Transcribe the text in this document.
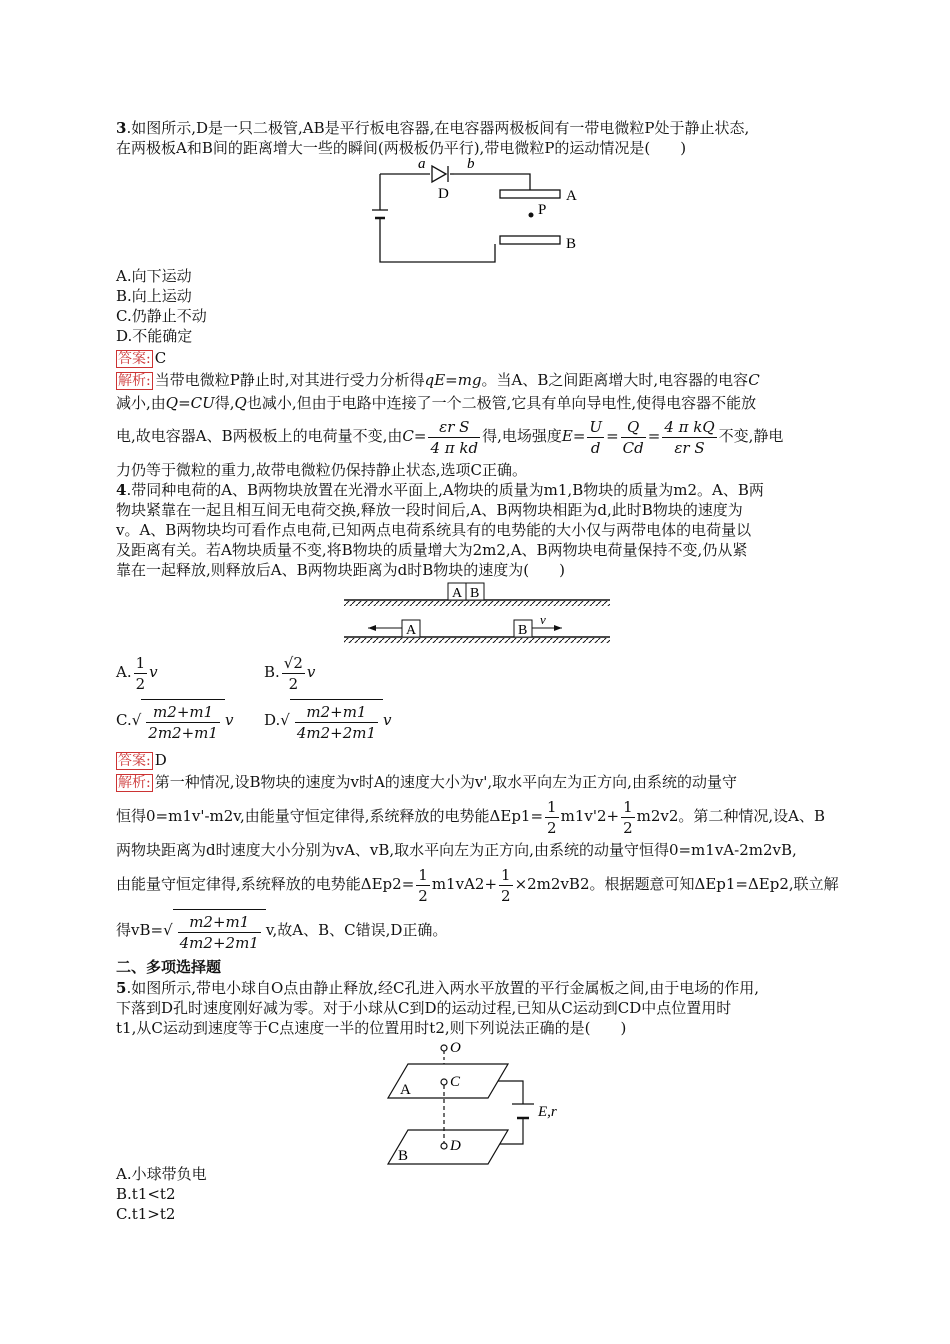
3.如图所示,D是一只二极管,AB是平行板电容器,在电容器两极板间有一带电微粒P处于静止状态,
在两极板A和B间的距离增大一些的瞬间(两极板仍平行),带电微粒P的运动情况是(　　)
a	b
D	A
P
B
A.向下运动
B.向上运动
C.仍静止不动
D.不能确定
答案: C
解析: 当带电微粒P静止时,对其进行受力分析得qE=mg。当A、B之间距离增大时,电容器的电容C
减小,由Q=CU得,Q也减小,但由于电路中连接了一个二极管,它具有单向导电性,使得电容器不能放
电,故电容器A、B两极板上的电荷量不变,由$C= \frac{\text{εr S}}{\text{4 π kd}}$ 得,电场强度$E= \frac{U}{d} = \frac{Q}{Cd} = \frac{\text{4 π kQ}}{\text{εr S}}$ 不变,静电
力仍等于微粒的重力,故带电微粒仍保持静止状态,选项C正确。
4.带同种电荷的A、B两物块放置在光滑水平面上,A物块的质量为m1,B物块的质量为m2。A、B两
物块紧靠在一起且相互间无电荷交换,释放一段时间后,A、B两物块相距为d,此时B物块的速度为
v。A、B两物块均可看作点电荷,已知两点电荷系统具有的电势能的大小仅与两带电体的电荷量以
及距离有关。若A物块质量不变,将B物块的质量增大为2m2,A、B两物块电荷量保持不变,仍从紧
靠在一起释放,则释放后A、B两物块距离为d时B物块的速度为(　　)
A B
A	B
v
A. $\frac{1}{2}$ v	B. $\frac{√2}{2}$ v
$C.√ \frac{m2+m1}{2m2+m1}$ v $D.√ \frac{m2+m1}{4m2+2m1}$ v
答案: D
解析: 第一种情况,设B物块的速度为v时A的速度大小为v',取水平向左为正方向,由系统的动量守
恒得0=m1v'-m2v,由能量守恒定律得,系统释放的电势能$\Delta Ep1= \frac{1}{2} m1v'2+ \frac{1}{2} m2v2$。第二种情况,设A、B
两物块距离为d时速度大小分别为vA、vB,取水平向左为正方向,由系统的动量守恒得0=m1vA-2m2vB,
由能量守恒定律得,系统释放的电势能$\Delta Ep2= \frac{1}{2} m1vA2+ \frac{1}{2} \times 2m2vB2$。根据题意可知ΔEp1=ΔEp2,联立解
得$vB=√ \frac{m2+m1}{4m2+2m1} v$,故A、B、C错误,D正确。
二、多项选择题
5.如图所示,带电小球自O点由静止释放,经C孔进入两水平放置的平行金属板之间,由于电场的作用,
下落到D孔时速度刚好减为零。对于小球从C到D的运动过程,已知从C运动到CD中点位置用时
t1,从C运动到速度等于C点速度一半的位置用时t2,则下列说法正确的是(　　)
O
A	C
E,r
B
D
A.小球带负电
B.t1<t2
C.t1>t2
